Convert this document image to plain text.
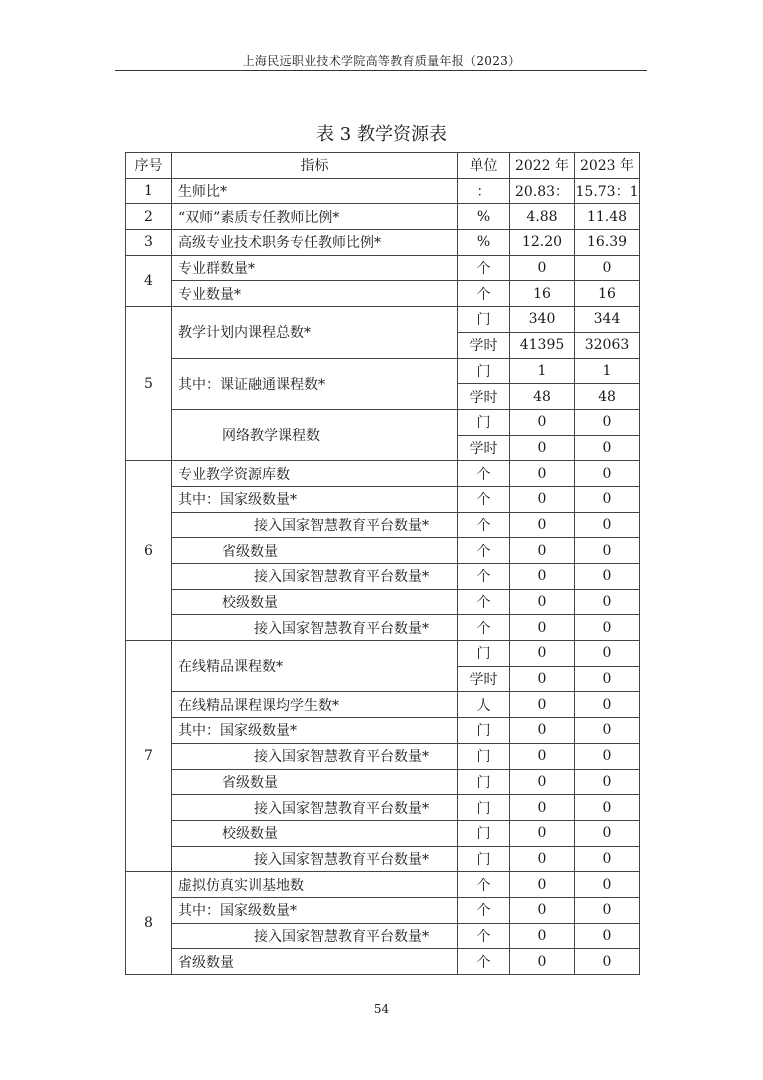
上海民远职业技术学院高等教育质量年报（2023）
表 3 教学资源表
序号	指标	单位	2022 年	2023 年
1	生师比*	：	20.83：	15.73：1
2	“双师”素质专任教师比例*	%	4.88	11.48
3	高级专业技术职务专任教师比例*	%	12.20	16.39
4	专业群数量*	个	0	0
	专业数量*	个	16	16
5	教学计划内课程总数*	门	340	344
		学时	41395	32063
	其中：课证融通课程数*	门	1	1
		学时	48	48
	网络教学课程数	门	0	0
		学时	0	0
6	专业教学资源库数	个	0	0
	其中：国家级数量*	个	0	0
	接入国家智慧教育平台数量*	个	0	0
	省级数量	个	0	0
	接入国家智慧教育平台数量*	个	0	0
	校级数量	个	0	0
	接入国家智慧教育平台数量*	个	0	0
7	在线精品课程数*	门	0	0
		学时	0	0
	在线精品课程课均学生数*	人	0	0
	其中：国家级数量*	门	0	0
	接入国家智慧教育平台数量*	门	0	0
	省级数量	门	0	0
	接入国家智慧教育平台数量*	门	0	0
	校级数量	门	0	0
	接入国家智慧教育平台数量*	门	0	0
8	虚拟仿真实训基地数	个	0	0
	其中：国家级数量*	个	0	0
	接入国家智慧教育平台数量*	个	0	0
	省级数量	个	0	0
54
